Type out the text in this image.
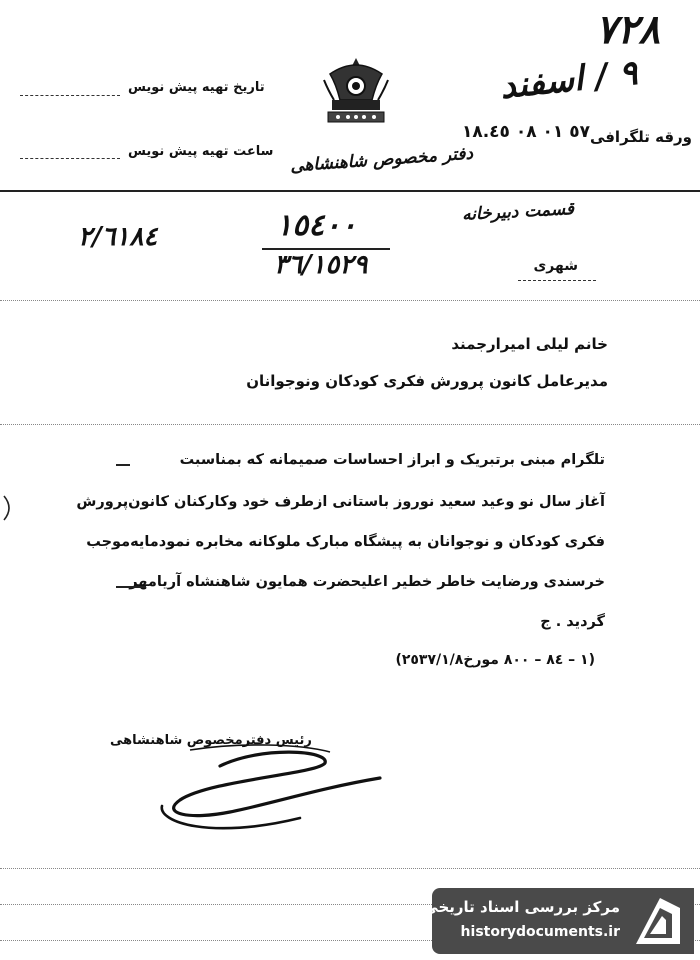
۷۲۸
۹ / اسفند
تاریخ تهیه پیش نویس
ساعت تهیه پیش نویس دفتر مخصوص شاهنشاهی
ورقه تلگرافی
٥٧ ٠١ ٠٨ ١٨.٤٥
قسمت دبیرخانه
٢/٦١٨٤	١٥٤٠٠
٣٦/١٥٢٩	شهری
خانم لیلی امیرارجمند
مدیرعامل کانون پرورش فکری کودکان ونوجوانان
تلگرام مبنی برتبریک و ابراز احساسات صمیمانه که بمناسبت
آغاز سال نو وعید سعید نوروز باستانی ازطرف خود وکارکنان کانون‌پرورش
فکری کودکان و نوجوانان به پیشگاه مبارک ملوکانه مخابره نمودمایه‌موجب
خرسندی ورضایت خاطر خطیر اعلیحضرت همایون شاهنشاه آریامهر
گردید . ج
(١ – ٨٤ – ٨٠٠ مورخ٢٥٣٧/١/٨)
رئیس دفترمخصوص شاهنشاهی
مرکز بررسی اسناد تاریخی
historydocuments.ir
